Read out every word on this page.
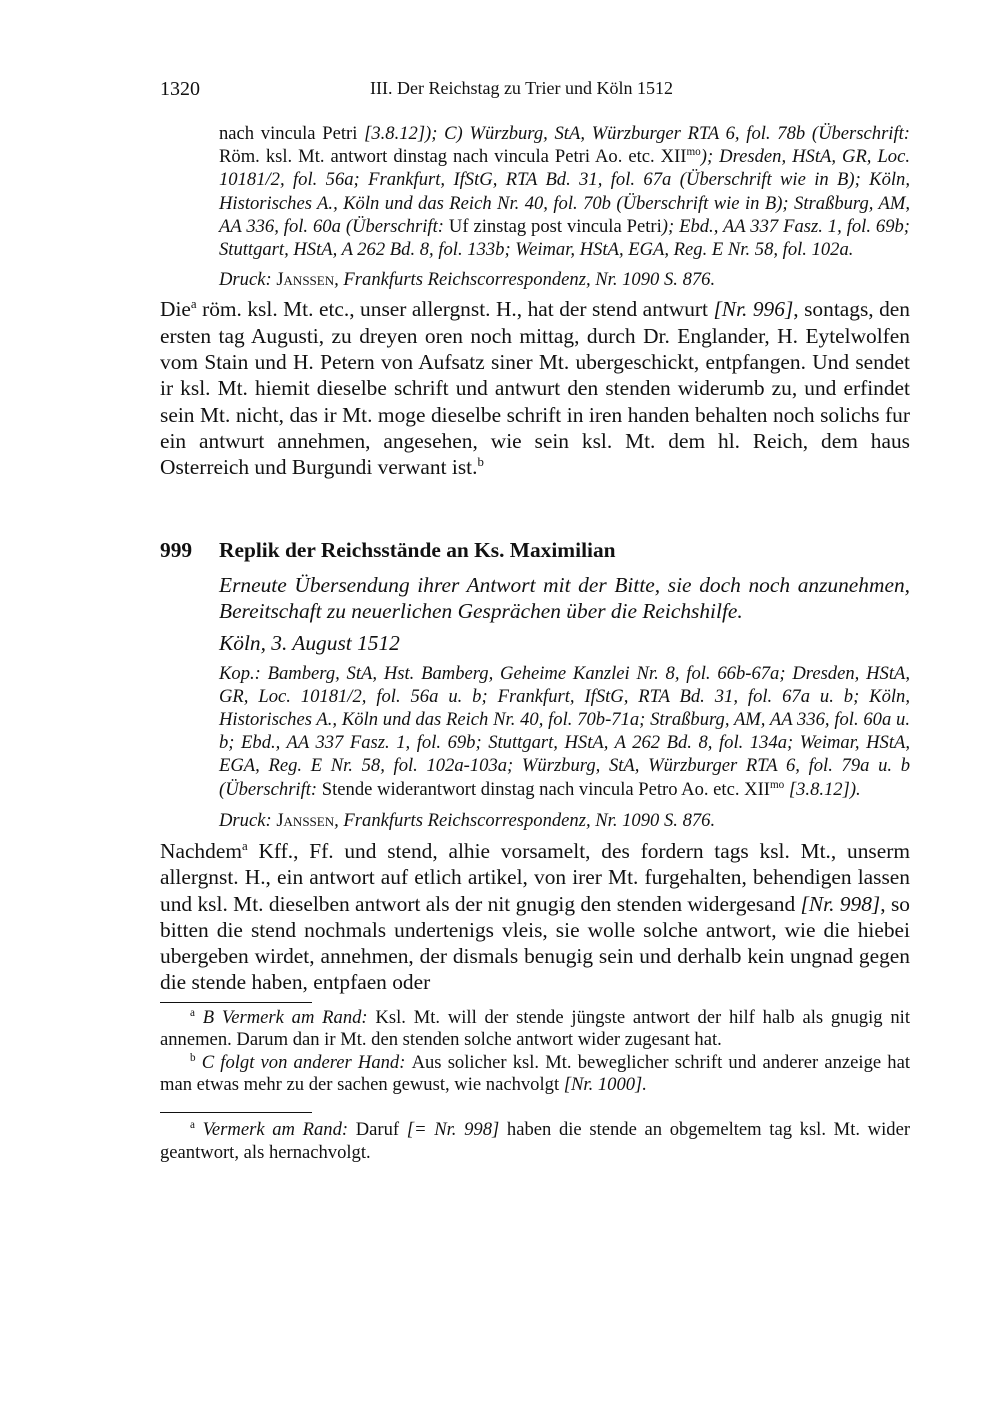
1320	III. Der Reichstag zu Trier und Köln 1512
nach vincula Petri [3.8.12]); C) Würzburg, StA, Würzburger RTA 6, fol. 78b (Überschrift: Röm. ksl. Mt. antwort dinstag nach vincula Petri Ao. etc. $XII^{mo}$); Dresden, HStA, GR, Loc. 10181/2, fol. 56a; Frankfurt, IfStG, RTA Bd. 31, fol. 67a (Überschrift wie in B); Köln, Historisches A., Köln und das Reich Nr. 40, fol. 70b (Überschrift wie in B); Straßburg, AM, AA 336, fol. 60a (Überschrift: Uf zinstag post vincula Petri); Ebd., AA 337 Fasz. 1, fol. 69b; Stuttgart, HStA, A 262 Bd. 8, fol. 133b; Weimar, HStA, EGA, Reg. E Nr. 58, fol. 102a.
Druck: Janssen, Frankfurts Reichscorrespondenz, Nr. 1090 S. 876.
Die$^a$ röm. ksl. Mt. etc., unser allergnst. H., hat der stend antwurt [Nr. 996], sontags, den ersten tag Augusti, zu dreyen oren noch mittag, durch Dr. Englander, H. Eytelwolfen vom Stain und H. Petern von Aufsatz siner Mt. ubergeschickt, entpfangen. Und sendet ir ksl. Mt. hiemit dieselbe schrift und antwurt den stenden widerumb zu, und erfindet sein Mt. nicht, das ir Mt. moge dieselbe schrift in iren handen behalten noch solichs fur ein antwurt annehmen, angesehen, wie sein ksl. Mt. dem hl. Reich, dem haus Osterreich und Burgundi verwant ist.$^b$
999 Replik der Reichsstände an Ks. Maximilian
Erneute Übersendung ihrer Antwort mit der Bitte, sie doch noch anzunehmen, Bereitschaft zu neuerlichen Gesprächen über die Reichshilfe.
Köln, 3. August 1512
Kop.: Bamberg, StA, Hst. Bamberg, Geheime Kanzlei Nr. 8, fol. 66b-67a; Dresden, HStA, GR, Loc. 10181/2, fol. 56a u. b; Frankfurt, IfStG, RTA Bd. 31, fol. 67a u. b; Köln, Historisches A., Köln und das Reich Nr. 40, fol. 70b-71a; Straßburg, AM, AA 336, fol. 60a u. b; Ebd., AA 337 Fasz. 1, fol. 69b; Stuttgart, HStA, A 262 Bd. 8, fol. 134a; Weimar, HStA, EGA, Reg. E Nr. 58, fol. 102a-103a; Würzburg, StA, Würzburger RTA 6, fol. 79a u. b (Überschrift: Stende widerantwort dinstag nach vincula Petro Ao. etc. $XII^{mo}$ [3.8.12]).
Druck: Janssen, Frankfurts Reichscorrespondenz, Nr. 1090 S. 876.
Nachdem$^a$ Kff., Ff. und stend, alhie vorsamelt, des fordern tags ksl. Mt., unserm allergnst. H., ein antwort auf etlich artikel, von irer Mt. furgehalten, behendigen lassen und ksl. Mt. dieselben antwort als der nit gnugig den stenden widergesand [Nr. 998], so bitten die stend nochmals undertenigs vleis, sie wolle solche antwort, wie die hiebei ubergeben wirdet, annehmen, der dismals benugig sein und derhalb kein ungnad gegen die stende haben, entpfaen oder
$^a$ B Vermerk am Rand: Ksl. Mt. will der stende jüngste antwort der hilf halb als gnugig nit annemen. Darum dan ir Mt. den stenden solche antwort wider zugesant hat.
$^b$ C folgt von anderer Hand: Aus solicher ksl. Mt. beweglicher schrift und anderer anzeige hat man etwas mehr zu der sachen gewust, wie nachvolgt [Nr. 1000].
$^a$ Vermerk am Rand: Daruf [= Nr. 998] haben die stende an obgemeltem tag ksl. Mt. wider geantwort, als hernachvolgt.
